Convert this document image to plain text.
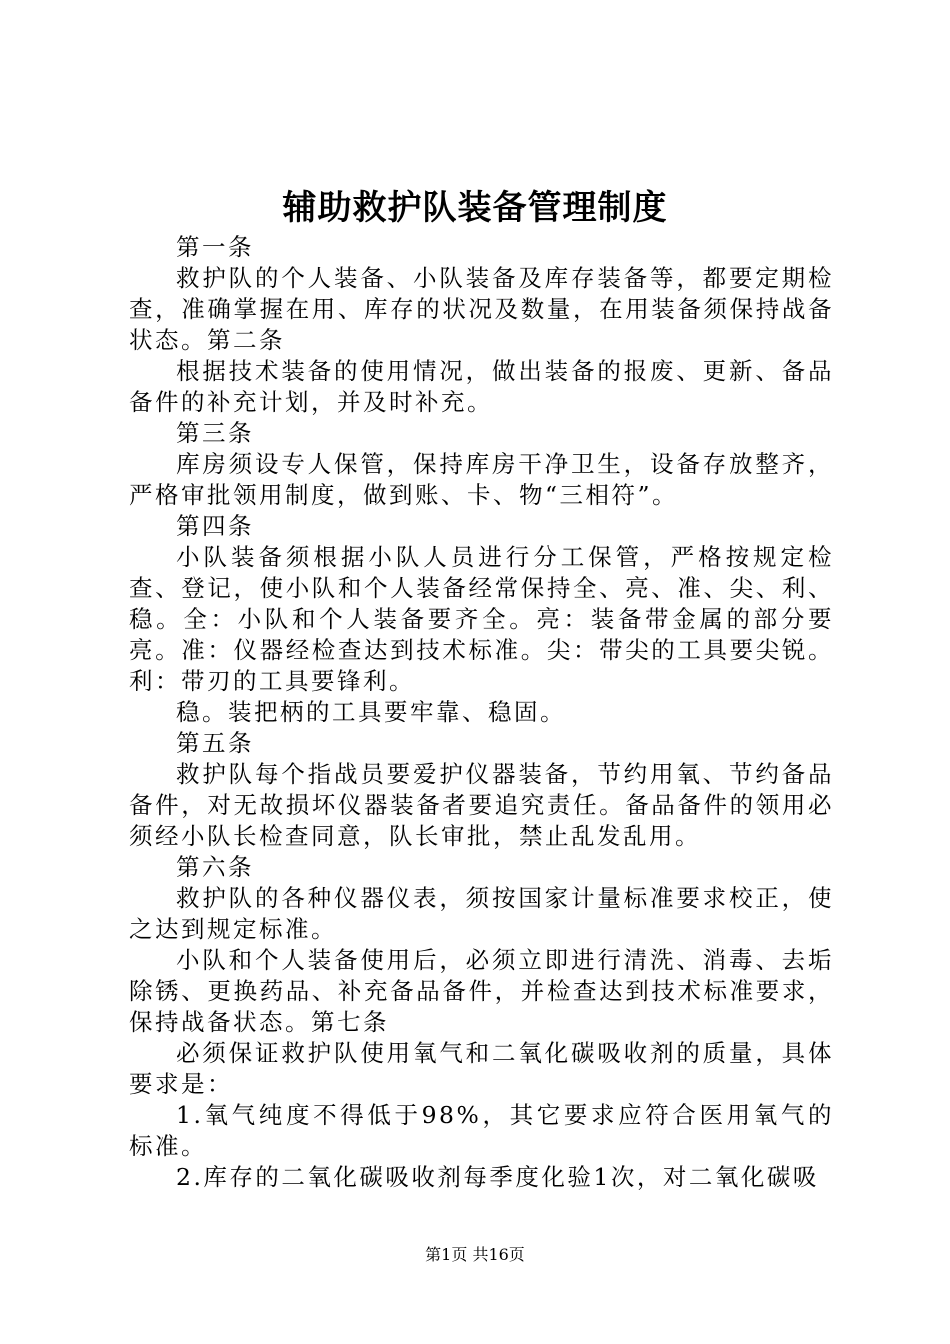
辅助救护队装备管理制度

第一条

救护队的个人装备、小队装备及库存装备等，都要定期检查，准确掌握在用、库存的状况及数量，在用装备须保持战备状态。第二条

根据技术装备的使用情况，做出装备的报废、更新、备品备件的补充计划，并及时补充。

第三条

库房须设专人保管，保持库房干净卫生，设备存放整齐，严格审批领用制度，做到账、卡、物“三相符”。

第四条

小队装备须根据小队人员进行分工保管，严格按规定检查、登记，使小队和个人装备经常保持全、亮、准、尖、利、稳。全：小队和个人装备要齐全。亮：装备带金属的部分要亮。准：仪器经检查达到技术标准。尖：带尖的工具要尖锐。利：带刃的工具要锋利。

稳。装把柄的工具要牢靠、稳固。

第五条

救护队每个指战员要爱护仪器装备，节约用氧、节约备品备件，对无故损坏仪器装备者要追究责任。备品备件的领用必须经小队长检查同意，队长审批，禁止乱发乱用。

第六条

救护队的各种仪器仪表，须按国家计量标准要求校正，使之达到规定标准。

小队和个人装备使用后，必须立即进行清洗、消毒、去垢除锈、更换药品、补充备品备件，并检查达到技术标准要求，保持战备状态。第七条

必须保证救护队使用氧气和二氧化碳吸收剂的质量，具体要求是：

1.氧气纯度不得低于98%，其它要求应符合医用氧气的标准。

2.库存的二氧化碳吸收剂每季度化验1次，对二氧化碳吸

第1页 共16页
